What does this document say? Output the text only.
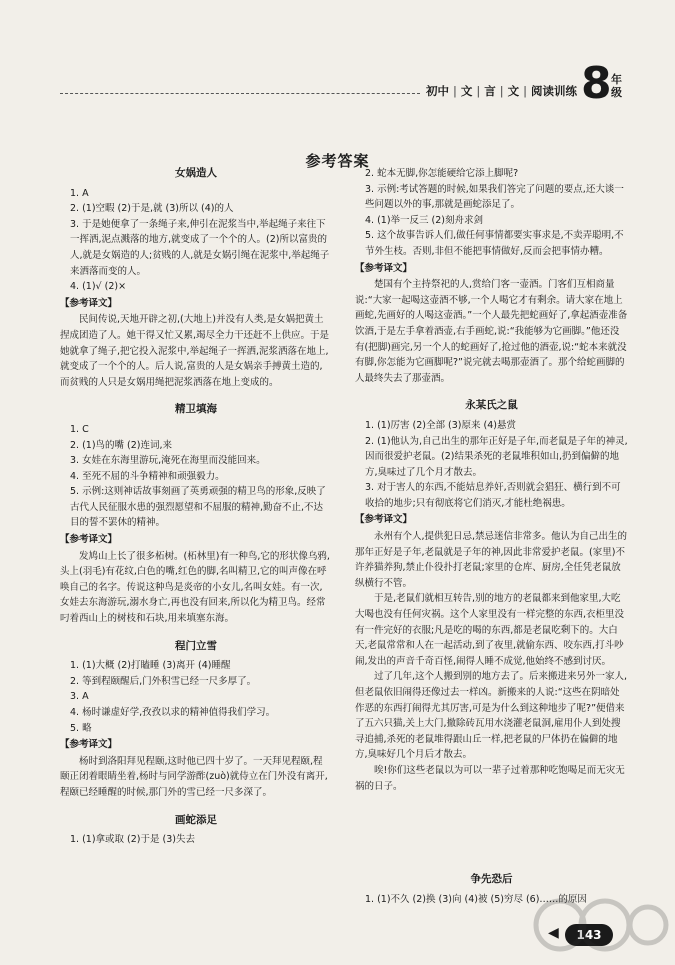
初中 | 文 | 言 | 文 | 阅读训练 8 年级
参考答案
女娲造人

1. A

2. (1)空暇 (2)于是,就 (3)所以 (4)的人

3. 于是她便拿了一条绳子来,伸引在泥浆当中,举起绳子来往下一挥洒,泥点溅落的地方,就变成了一个个的人。(2)所以富贵的人,就是女娲造的人;贫贱的人,就是女娲引绳在泥浆中,举起绳子来洒落而变的人。

4. (1)√ (2)×

【参考译文】

民间传说,天地开辟之初,(大地上)并没有人类,是女娲把黄土捏成团造了人。她干得又忙又累,竭尽全力干还赶不上供应。于是她就拿了绳子,把它投入泥浆中,举起绳子一挥洒,泥浆洒落在地上,就变成了一个个的人。后人说,富贵的人是女娲亲手搏黄土造的,而贫贱的人只是女娲用绳把泥浆洒落在地上变成的。

精卫填海

1. C

2. (1)鸟的嘴 (2)连词,来

3. 女娃在东海里游玩,淹死在海里而没能回来。

4. 至死不屈的斗争精神和顽强毅力。

5. 示例:这则神话故事刻画了英勇顽强的精卫鸟的形象,反映了古代人民征服水患的强烈愿望和不屈服的精神,勤奋不止,不达目的誓不罢休的精神。

【参考译文】

发鸠山上长了很多柘树。(柘林里)有一种鸟,它的形状像乌鸦,头上(羽毛)有花纹,白色的嘴,红色的脚,名叫精卫,它的叫声像在呼唤自己的名字。传说这种鸟是炎帝的小女儿,名叫女娃。有一次,女娃去东海游玩,溺水身亡,再也没有回来,所以化为精卫鸟。经常叼着西山上的树枝和石块,用来填塞东海。

程门立雪

1. (1)大概 (2)打瞌睡 (3)离开 (4)睡醒

2. 等到程颐醒后,门外积雪已经一尺多厚了。

3. A

4. 杨时谦虚好学,孜孜以求的精神值得我们学习。

5. 略

【参考译文】

杨时到洛阳拜见程颐,这时他已四十岁了。一天拜见程颐,程颐正闭着眼睛坐着,杨时与同学游酢(zuò)就侍立在门外没有离开,程颐已经睡醒的时候,那门外的雪已经一尺多深了。

画蛇添足

1. (1)拿或取 (2)于是 (3)失去

2. 蛇本无脚,你怎能硬给它添上脚呢?

3. 示例:考试答题的时候,如果我们答完了问题的要点,还大谈一些问题以外的事,那就是画蛇添足了。

4. (1)举一反三 (2)刻舟求剑

5. 这个故事告诉人们,做任何事情都要实事求是,不卖弄聪明,不节外生枝。否则,非但不能把事情做好,反而会把事情办糟。

【参考译文】

楚国有个主持祭祀的人,赏给门客一壶酒。门客们互相商量说:“大家一起喝这壶酒不够,一个人喝它才有剩余。请大家在地上画蛇,先画好的人喝这壶酒。”一个人最先把蛇画好了,拿起酒壶准备饮酒,于是左手拿着酒壶,右手画蛇,说:“我能够为它画脚。”他还没有(把脚)画完,另一个人的蛇画好了,抢过他的酒壶,说:“蛇本来就没有脚,你怎能为它画脚呢?”说完就去喝那壶酒了。那个给蛇画脚的人最终失去了那壶酒。

永某氏之鼠

1. (1)厉害 (2)全部 (3)原来 (4)悬赏

2. (1)他认为,自己出生的那年正好是子年,而老鼠是子年的神灵,因而很爱护老鼠。(2)结果杀死的老鼠堆积如山,扔到偏僻的地方,臭味过了几个月才散去。

3. 对于害人的东西,不能姑息养奸,否则就会猖狂、横行到不可收拾的地步;只有彻底将它们消灭,才能杜绝祸患。

【参考译文】

永州有个人,提供犯日忌,禁忌迷信非常多。他认为自己出生的那年正好是子年,老鼠就是子年的神,因此非常爱护老鼠。(家里)不许养猫养狗,禁止仆役扑打老鼠;家里的仓库、厨房,全任凭老鼠放纵横行不管。

于是,老鼠们就相互转告,别的地方的老鼠都来到他家里,大吃大喝也没有任何灾祸。这个人家里没有一样完整的东西,衣柜里没有一件完好的衣服;凡是吃的喝的东西,都是老鼠吃剩下的。大白天,老鼠常常和人在一起活动,到了夜里,就偷东西、咬东西,打斗吵闹,发出的声音千奇百怪,闹得人睡不成觉,他始终不感到讨厌。

过了几年,这个人搬到别的地方去了。后来搬进来另外一家人,但老鼠依旧闹得还像过去一样凶。新搬来的人说:“这些在阴暗处作恶的东西打闹得尤其厉害,可是为什么到这种地步了呢?”便借来了五六只猫,关上大门,撤除砖瓦用水浇灌老鼠洞,雇用仆人到处搜寻追捕,杀死的老鼠堆得跟山丘一样,把老鼠的尸体扔在偏僻的地方,臭味好几个月后才散去。

唉!你们这些老鼠以为可以一辈子过着那种吃饱喝足而无灾无祸的日子。

争先恐后

1. (1)不久 (2)换 (3)向 (4)被 (5)穷尽 (6)……的原因

◀	143
